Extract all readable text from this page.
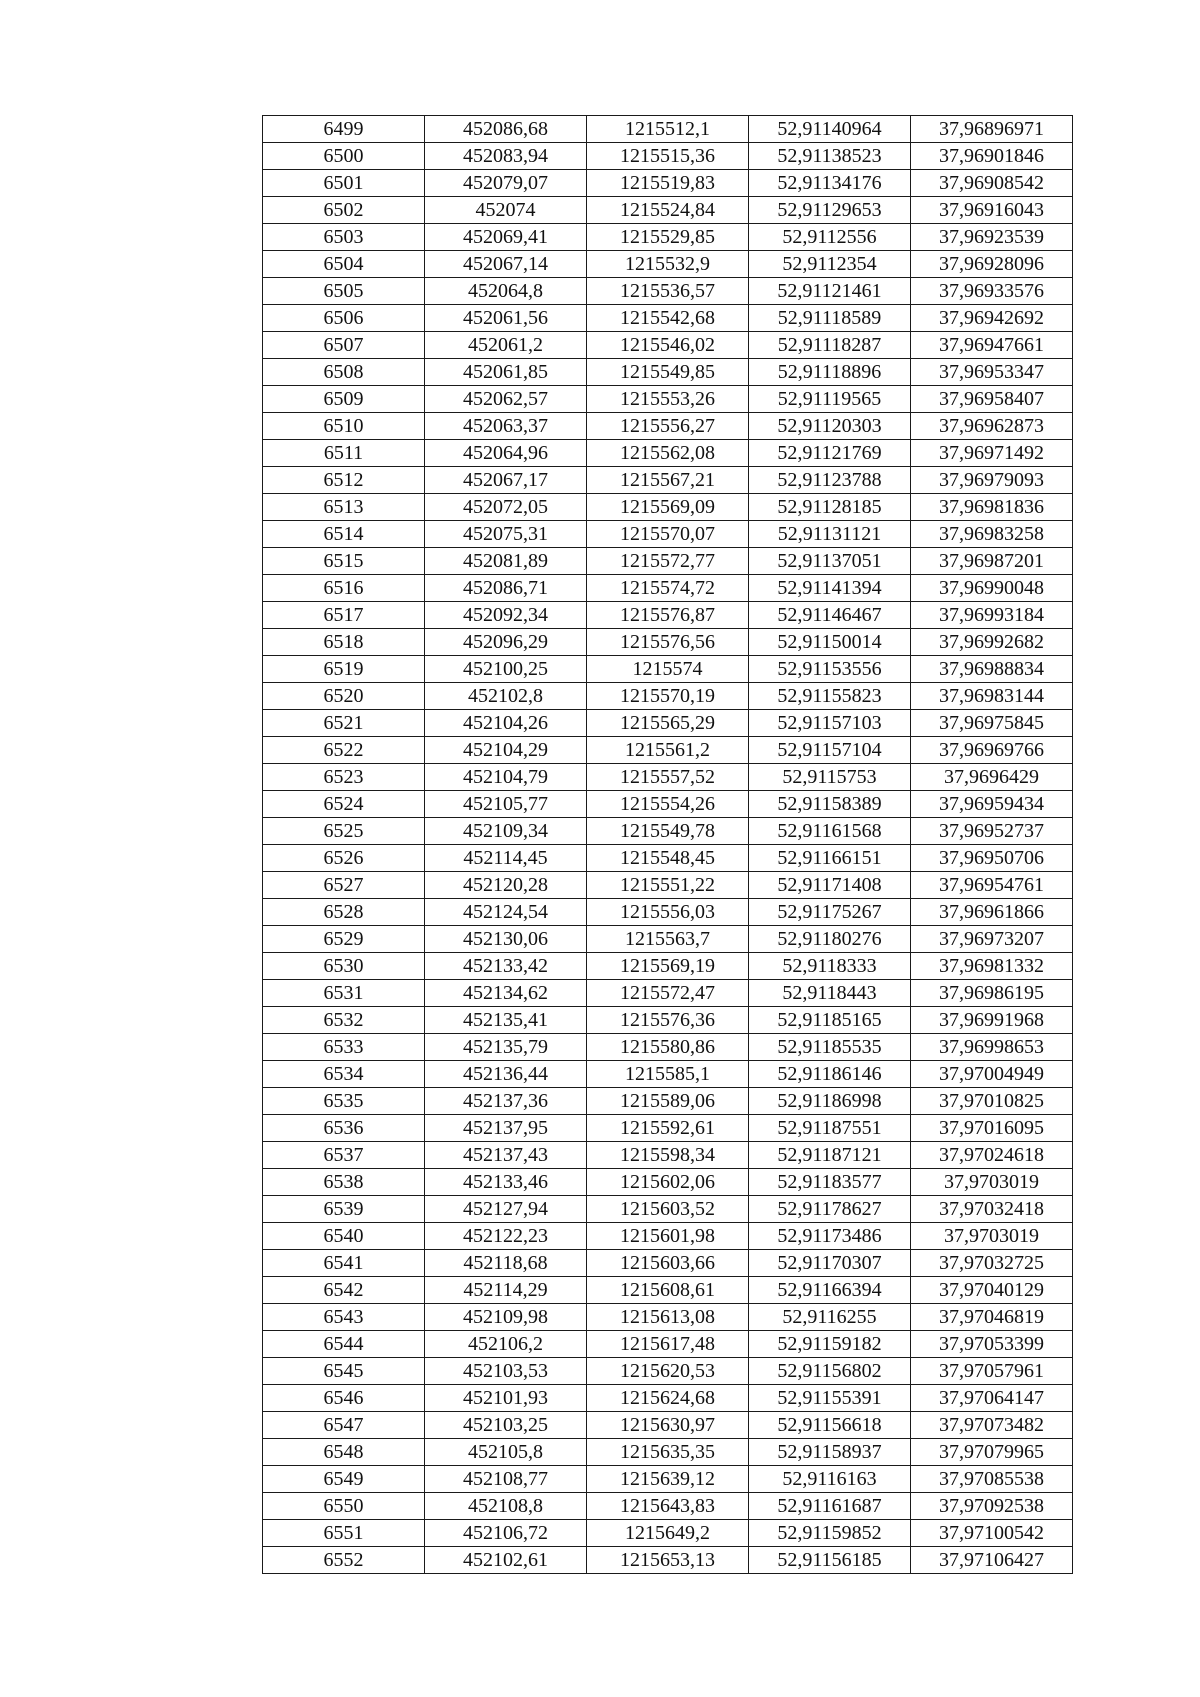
6499	452086,68	1215512,1	52,91140964	37,96896971
6500	452083,94	1215515,36	52,91138523	37,96901846
6501	452079,07	1215519,83	52,91134176	37,96908542
6502	452074	1215524,84	52,91129653	37,96916043
6503	452069,41	1215529,85	52,9112556	37,96923539
6504	452067,14	1215532,9	52,9112354	37,96928096
6505	452064,8	1215536,57	52,91121461	37,96933576
6506	452061,56	1215542,68	52,91118589	37,96942692
6507	452061,2	1215546,02	52,91118287	37,96947661
6508	452061,85	1215549,85	52,91118896	37,96953347
6509	452062,57	1215553,26	52,91119565	37,96958407
6510	452063,37	1215556,27	52,91120303	37,96962873
6511	452064,96	1215562,08	52,91121769	37,96971492
6512	452067,17	1215567,21	52,91123788	37,96979093
6513	452072,05	1215569,09	52,91128185	37,96981836
6514	452075,31	1215570,07	52,91131121	37,96983258
6515	452081,89	1215572,77	52,91137051	37,96987201
6516	452086,71	1215574,72	52,91141394	37,96990048
6517	452092,34	1215576,87	52,91146467	37,96993184
6518	452096,29	1215576,56	52,91150014	37,96992682
6519	452100,25	1215574	52,91153556	37,96988834
6520	452102,8	1215570,19	52,91155823	37,96983144
6521	452104,26	1215565,29	52,91157103	37,96975845
6522	452104,29	1215561,2	52,91157104	37,96969766
6523	452104,79	1215557,52	52,9115753	37,9696429
6524	452105,77	1215554,26	52,91158389	37,96959434
6525	452109,34	1215549,78	52,91161568	37,96952737
6526	452114,45	1215548,45	52,91166151	37,96950706
6527	452120,28	1215551,22	52,91171408	37,96954761
6528	452124,54	1215556,03	52,91175267	37,96961866
6529	452130,06	1215563,7	52,91180276	37,96973207
6530	452133,42	1215569,19	52,9118333	37,96981332
6531	452134,62	1215572,47	52,9118443	37,96986195
6532	452135,41	1215576,36	52,91185165	37,96991968
6533	452135,79	1215580,86	52,91185535	37,96998653
6534	452136,44	1215585,1	52,91186146	37,97004949
6535	452137,36	1215589,06	52,91186998	37,97010825
6536	452137,95	1215592,61	52,91187551	37,97016095
6537	452137,43	1215598,34	52,91187121	37,97024618
6538	452133,46	1215602,06	52,91183577	37,9703019
6539	452127,94	1215603,52	52,91178627	37,97032418
6540	452122,23	1215601,98	52,91173486	37,9703019
6541	452118,68	1215603,66	52,91170307	37,97032725
6542	452114,29	1215608,61	52,91166394	37,97040129
6543	452109,98	1215613,08	52,9116255	37,97046819
6544	452106,2	1215617,48	52,91159182	37,97053399
6545	452103,53	1215620,53	52,91156802	37,97057961
6546	452101,93	1215624,68	52,91155391	37,97064147
6547	452103,25	1215630,97	52,91156618	37,97073482
6548	452105,8	1215635,35	52,91158937	37,97079965
6549	452108,77	1215639,12	52,9116163	37,97085538
6550	452108,8	1215643,83	52,91161687	37,97092538
6551	452106,72	1215649,2	52,91159852	37,97100542
6552	452102,61	1215653,13	52,91156185	37,97106427
